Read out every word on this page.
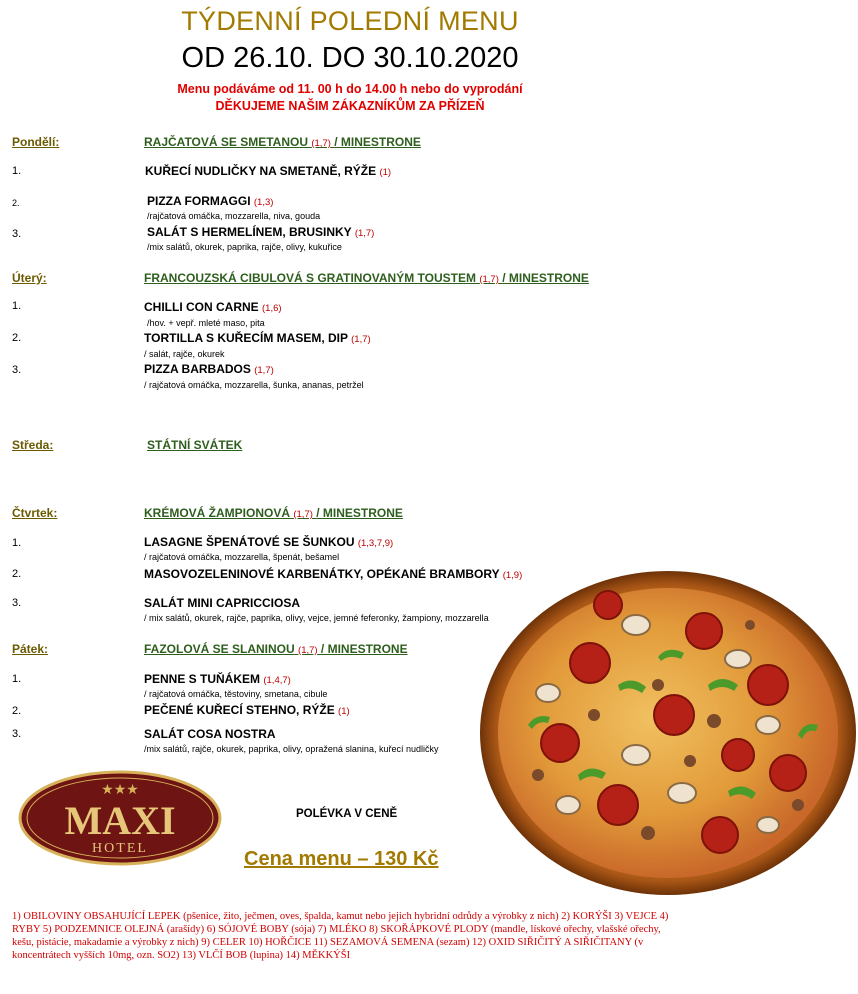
TÝDENNÍ POLEDNÍ MENU
OD 26.10. DO 30.10.2020
Menu podáváme od 11. 00 h do 14.00 h nebo do vyprodání
DĚKUJEME NAŠIM ZÁKAZNÍKŮM ZA PŘÍZEŇ
Pondělí:	RAJČATOVÁ SE SMETANOU (1,7) / MINESTRONE
1.	KUŘECÍ NUDLIČKY NA SMETANĚ, RÝŽE (1)
2.	PIZZA FORMAGGI (1,3)
/rajčatová omáčka, mozzarella, niva, gouda
3.	SALÁT S HERMELÍNEM, BRUSINKY (1,7)
/mix salátů, okurek, paprika, rajče, olivy, kukuřice
Úterý:	FRANCOUZSKÁ CIBULOVÁ S GRATINOVANÝM TOUSTEM (1,7) / MINESTRONE
1.	CHILLI CON CARNE (1,6)
/hov. + vepř. mleté maso, pita
2.	TORTILLA S KUŘECÍM MASEM, DIP (1,7)
/ salát, rajče, okurek
3.	PIZZA BARBADOS (1,7)
/ rajčatová omáčka, mozzarella, šunka, ananas, petržel
Středa:	STÁTNÍ SVÁTEK
Čtvrtek:	KRÉMOVÁ ŽAMPIONOVÁ (1,7) / MINESTRONE
1.	LASAGNE ŠPENÁTOVÉ SE ŠUNKOU (1,3,7,9)
/ rajčatová omáčka, mozzarella, špenát, bešamel
2.	MASOVOZELENINOVÉ KARBENÁTKY, OPÉKANÉ BRAMBORY (1,9)
3.	SALÁT MINI CAPRICCIOSA
/ mix salátů, okurek, rajče, paprika, olivy, vejce, jemné feferonky, žampiony, mozzarella
Pátek:	FAZOLOVÁ SE SLANINOU (1,7) / MINESTRONE
1.	PENNE S TUŇÁKEM (1,4,7)
/ rajčatová omáčka, těstoviny, smetana, cibule
2.	PEČENÉ KUŘECÍ STEHNO, RÝŽE (1)
3.	SALÁT COSA NOSTRA
/mix salátů, rajče, okurek, paprika, olivy, opražená slanina, kuřecí nudličky
★★★
MAXI
HOTEL
POLÉVKA V CENĚ
Cena menu – 130 Kč
1) OBILOVINY OBSAHUJÍCÍ LEPEK (pšenice, žito, ječmen, oves, špalda, kamut nebo jejich hybridní odrůdy a výrobky z nich) 2) KORÝŠI 3) VEJCE 4) RYBY 5) PODZEMNICE OLEJNÁ (arašídy) 6) SÓJOVÉ BOBY (sója) 7) MLÉKO 8) SKOŘÁPKOVÉ PLODY (mandle, lískové ořechy, vlašské ořechy, kešu, pistácie, makadamie a výrobky z nich) 9) CELER 10) HOŘČICE 11) SEZAMOVÁ SEMENA (sezam) 12) OXID SIŘIČITÝ A SIŘIČITANY (v koncentrátech vyšších 10mg, ozn. SO2) 13) VLČÍ BOB (lupina) 14) MĚKKÝŠI
